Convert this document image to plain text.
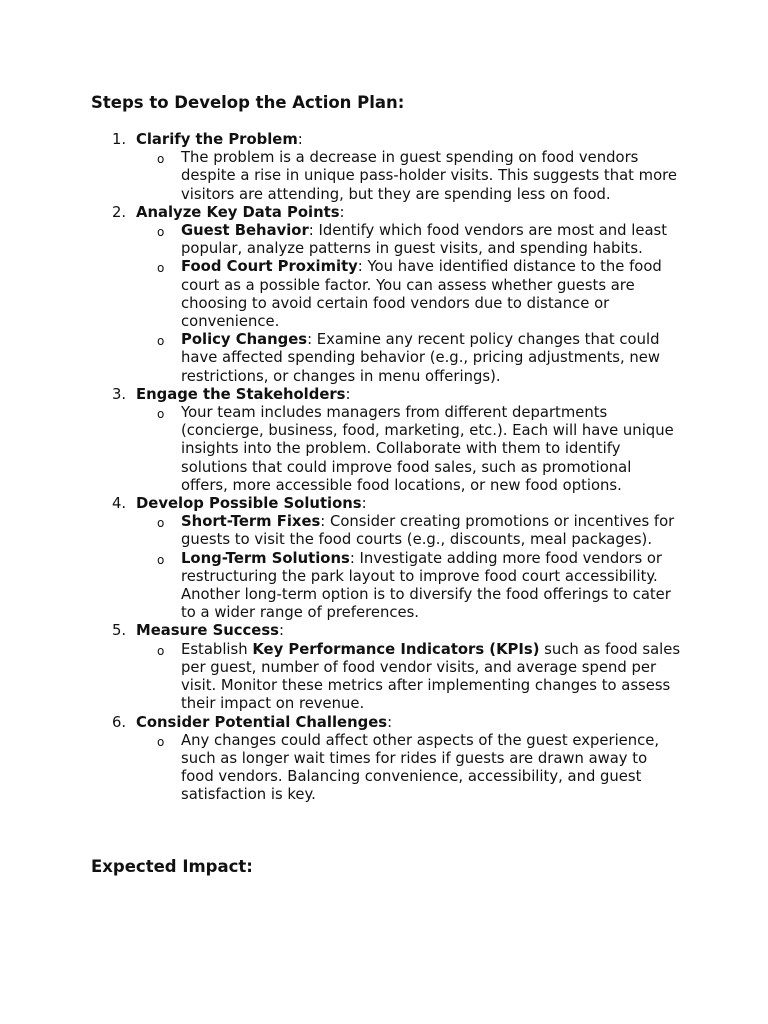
Steps to Develop the Action Plan:
1. Clarify the Problem:
o The problem is a decrease in guest spending on food vendors despite a rise in unique pass-holder visits. This suggests that more visitors are attending, but they are spending less on food.
2. Analyze Key Data Points:
o Guest Behavior: Identify which food vendors are most and least popular, analyze patterns in guest visits, and spending habits.
o Food Court Proximity: You have identified distance to the food court as a possible factor. You can assess whether guests are choosing to avoid certain food vendors due to distance or convenience.
o Policy Changes: Examine any recent policy changes that could have affected spending behavior (e.g., pricing adjustments, new restrictions, or changes in menu offerings).
3. Engage the Stakeholders:
o Your team includes managers from different departments (concierge, business, food, marketing, etc.). Each will have unique insights into the problem. Collaborate with them to identify solutions that could improve food sales, such as promotional offers, more accessible food locations, or new food options.
4. Develop Possible Solutions:
o Short-Term Fixes: Consider creating promotions or incentives for guests to visit the food courts (e.g., discounts, meal packages).
o Long-Term Solutions: Investigate adding more food vendors or restructuring the park layout to improve food court accessibility. Another long-term option is to diversify the food offerings to cater to a wider range of preferences.
5. Measure Success:
o Establish Key Performance Indicators (KPIs) such as food sales per guest, number of food vendor visits, and average spend per visit. Monitor these metrics after implementing changes to assess their impact on revenue.
6. Consider Potential Challenges:
o Any changes could affect other aspects of the guest experience, such as longer wait times for rides if guests are drawn away to food vendors. Balancing convenience, accessibility, and guest satisfaction is key.
Expected Impact:
